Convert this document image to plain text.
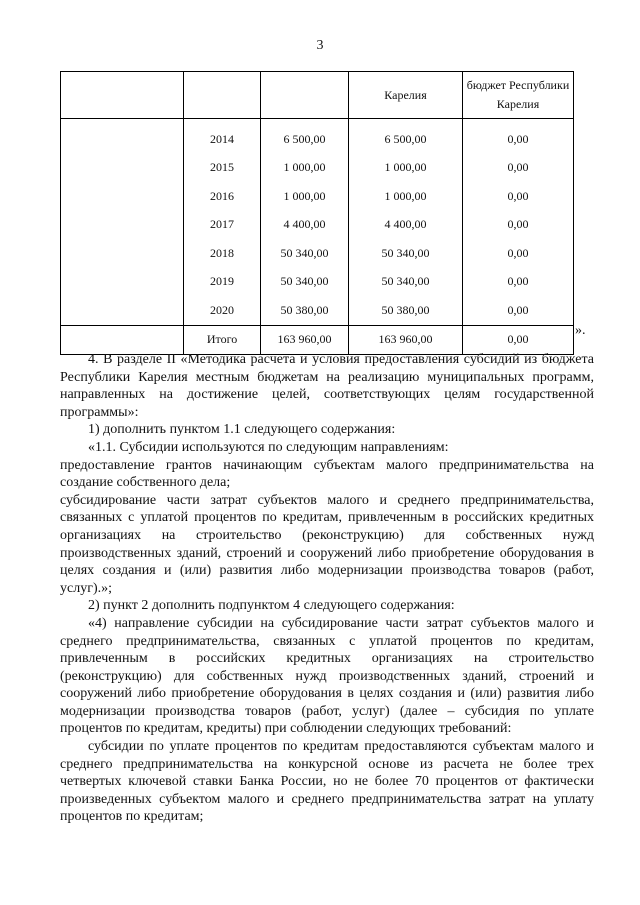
3
			Карелия	бюджет Республики Карелия
	2014	6 500,00	6 500,00	0,00
	2015	1 000,00	1 000,00	0,00
	2016	1 000,00	1 000,00	0,00
	2017	4 400,00	4 400,00	0,00
	2018	50 340,00	50 340,00	0,00
	2019	50 340,00	50 340,00	0,00
	2020	50 380,00	50 380,00	0,00
	Итого	163 960,00	163 960,00	0,00
».

4. В разделе II «Методика расчета и условия предоставления субсидий из бюджета Республики Карелия местным бюджетам на реализацию муниципальных программ, направленных на достижение целей, соответствующих целям государственной программы»:

1) дополнить пунктом 1.1 следующего содержания:

«1.1. Субсидии используются по следующим направлениям:

предоставление грантов начинающим субъектам малого предпринимательства на создание собственного дела;

субсидирование части затрат субъектов малого и среднего предпринимательства, связанных с уплатой процентов по кредитам, привлеченным в российских кредитных организациях на строительство (реконструкцию) для собственных нужд производственных зданий, строений и сооружений либо приобретение оборудования в целях создания и (или) развития либо модернизации производства товаров (работ, услуг).»;

2) пункт 2 дополнить подпунктом 4 следующего содержания:

«4) направление субсидии на субсидирование части затрат субъектов малого и среднего предпринимательства, связанных с уплатой процентов по кредитам, привлеченным в российских кредитных организациях на строительство (реконструкцию) для собственных нужд производственных зданий, строений и сооружений либо приобретение оборудования в целях создания и (или) развития либо модернизации производства товаров (работ, услуг) (далее – субсидия по уплате процентов по кредитам, кредиты) при соблюдении следующих требований:

субсидии по уплате процентов по кредитам предоставляются субъектам малого и среднего предпринимательства на конкурсной основе из расчета не более трех четвертых ключевой ставки Банка России, но не более 70 процентов от фактически произведенных субъектом малого и среднего предпринимательства затрат на уплату процентов по кредитам;
